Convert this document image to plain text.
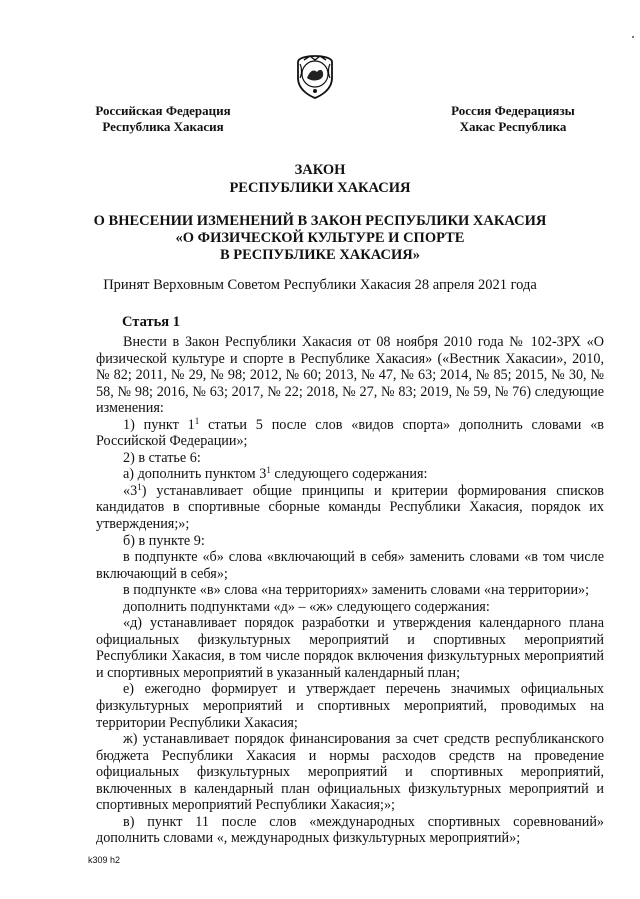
Российская Федерация
Республика Хакасия
Россия Федерациязы
Хакас Республика
ЗАКОН
РЕСПУБЛИКИ ХАКАСИЯ
О ВНЕСЕНИИ ИЗМЕНЕНИЙ В ЗАКОН РЕСПУБЛИКИ ХАКАСИЯ
«О ФИЗИЧЕСКОЙ КУЛЬТУРЕ И СПОРТЕ
В РЕСПУБЛИКЕ ХАКАСИЯ»
Принят Верховным Советом Республики Хакасия 28 апреля 2021 года
Статья 1

Внести в Закон Республики Хакасия от 08 ноября 2010 года № 102-ЗРХ «О физической культуре и спорте в Республике Хакасия» («Вестник Хакасии», 2010, № 82; 2011, № 29, № 98; 2012, № 60; 2013, № 47, № 63; 2014, № 85; 2015, № 30, № 58, № 98; 2016, № 63; 2017, № 22; 2018, № 27, № 83; 2019, № 59, № 76) следующие изменения:

1) пункт $1^1$ статьи 5 после слов «видов спорта» дополнить словами «в Российской Федерации»;

2) в статье 6:

а) дополнить пунктом $3^1$ следующего содержания:

«$3^1$) устанавливает общие принципы и критерии формирования списков кандидатов в спортивные сборные команды Республики Хакасия, порядок их утверждения;»;

б) в пункте 9:

в подпункте «б» слова «включающий в себя» заменить словами «в том числе включающий в себя»;

в подпункте «в» слова «на территориях» заменить словами «на территории»;

дополнить подпунктами «д» – «ж» следующего содержания:

«д) устанавливает порядок разработки и утверждения календарного плана официальных физкультурных мероприятий и спортивных мероприятий Республики Хакасия, в том числе порядок включения физкультурных мероприятий и спортивных мероприятий в указанный календарный план;

е) ежегодно формирует и утверждает перечень значимых официальных физкультурных мероприятий и спортивных мероприятий, проводимых на территории Республики Хакасия;

ж) устанавливает порядок финансирования за счет средств республиканского бюджета Республики Хакасия и нормы расходов средств на проведение официальных физкультурных мероприятий и спортивных мероприятий, включенных в календарный план официальных физкультурных мероприятий и спортивных мероприятий Республики Хакасия;»;

в) пункт 11 после слов «международных спортивных соревнований» дополнить словами «, международных физкультурных мероприятий»;

k309 h2
